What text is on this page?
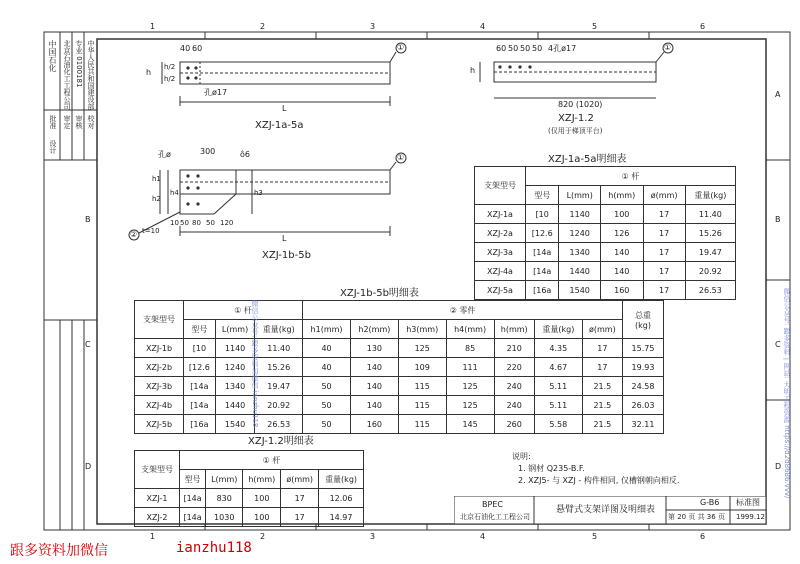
1	2	3	4	5	6
1	2	3	4	5	6
A
B
C
D
B
C
D
中国石化 北京石油化工工程公司 专业 0100181 中华人民共和国建设部
批准 审定 审核 校对
设计
40 60
h
h/2
h/2
孔ø17
L
①
XZJ-1a-5a
60 50 50 50 4孔ø17
h
820 (1020)
①
XZJ-1.2
(仅用于梯顶平台)
孔ø	300	ô6
h1
h2
h4	h3
t=10
10 50 80 50 120
L
①
②
XZJ-1b-5b
XZJ-1a-5a明细表
支架型号	① 杆				
	型号	L(mm)	h(mm)	ø(mm)	重量(kg)
XZJ-1a	[10	1140	100	17	11.40
XZJ-2a	[12.6	1240	126	17	15.26
XZJ-3a	[14a	1340	140	17	19.47
XZJ-4a	[14a	1440	140	17	20.92
XZJ-5a	[16a	1540	160	17	26.53
XZJ-1b-5b明细表
支架型号	① 杆			② 零件							总重
(kg)
	型号	L(mm)	重量(kg)	h1(mm)	h2(mm)	h3(mm)	h4(mm)	h(mm)	重量(kg)	ø(mm)	
XZJ-1b	[10	1140	11.40	40	130	125	85	210	4.35	17	15.75
XZJ-2b	[12.6	1240	15.26	40	140	109	111	220	4.67	17	19.93
XZJ-3b	[14a	1340	19.47	50	140	115	125	240	5.11	21.5	24.58
XZJ-4b	[14a	1440	20.92	50	140	115	125	240	5.11	21.5	26.03
XZJ-5b	[16a	1540	26.53	50	160	115	145	260	5.58	21.5	32.11
XZJ-1.2明细表
支架型号	① 杆				
	型号	L(mm)	h(mm)	ø(mm)	重量(kg)
XZJ-1	[14a	830	100	17	12.06
XZJ-2	[14a	1030	100	17	14.97
说明:
1. 钢材 Q235-B.F.
2. XZJ5- 与 XZJ - 构件相同, 仅槽钢朝向相反.
BPEC
北京石油化工工程公司
悬臂式支架详图及明细表
G-B6 标准图
第 20 页 共 36 页 1999.12
微信公众号: 跟多资料加微信 ianzhu118	微信公众号: 跟多资料 | 网站: 大明工程资源 https://d2d8686.vvv/
跟多资料加微信	ianzhu118
